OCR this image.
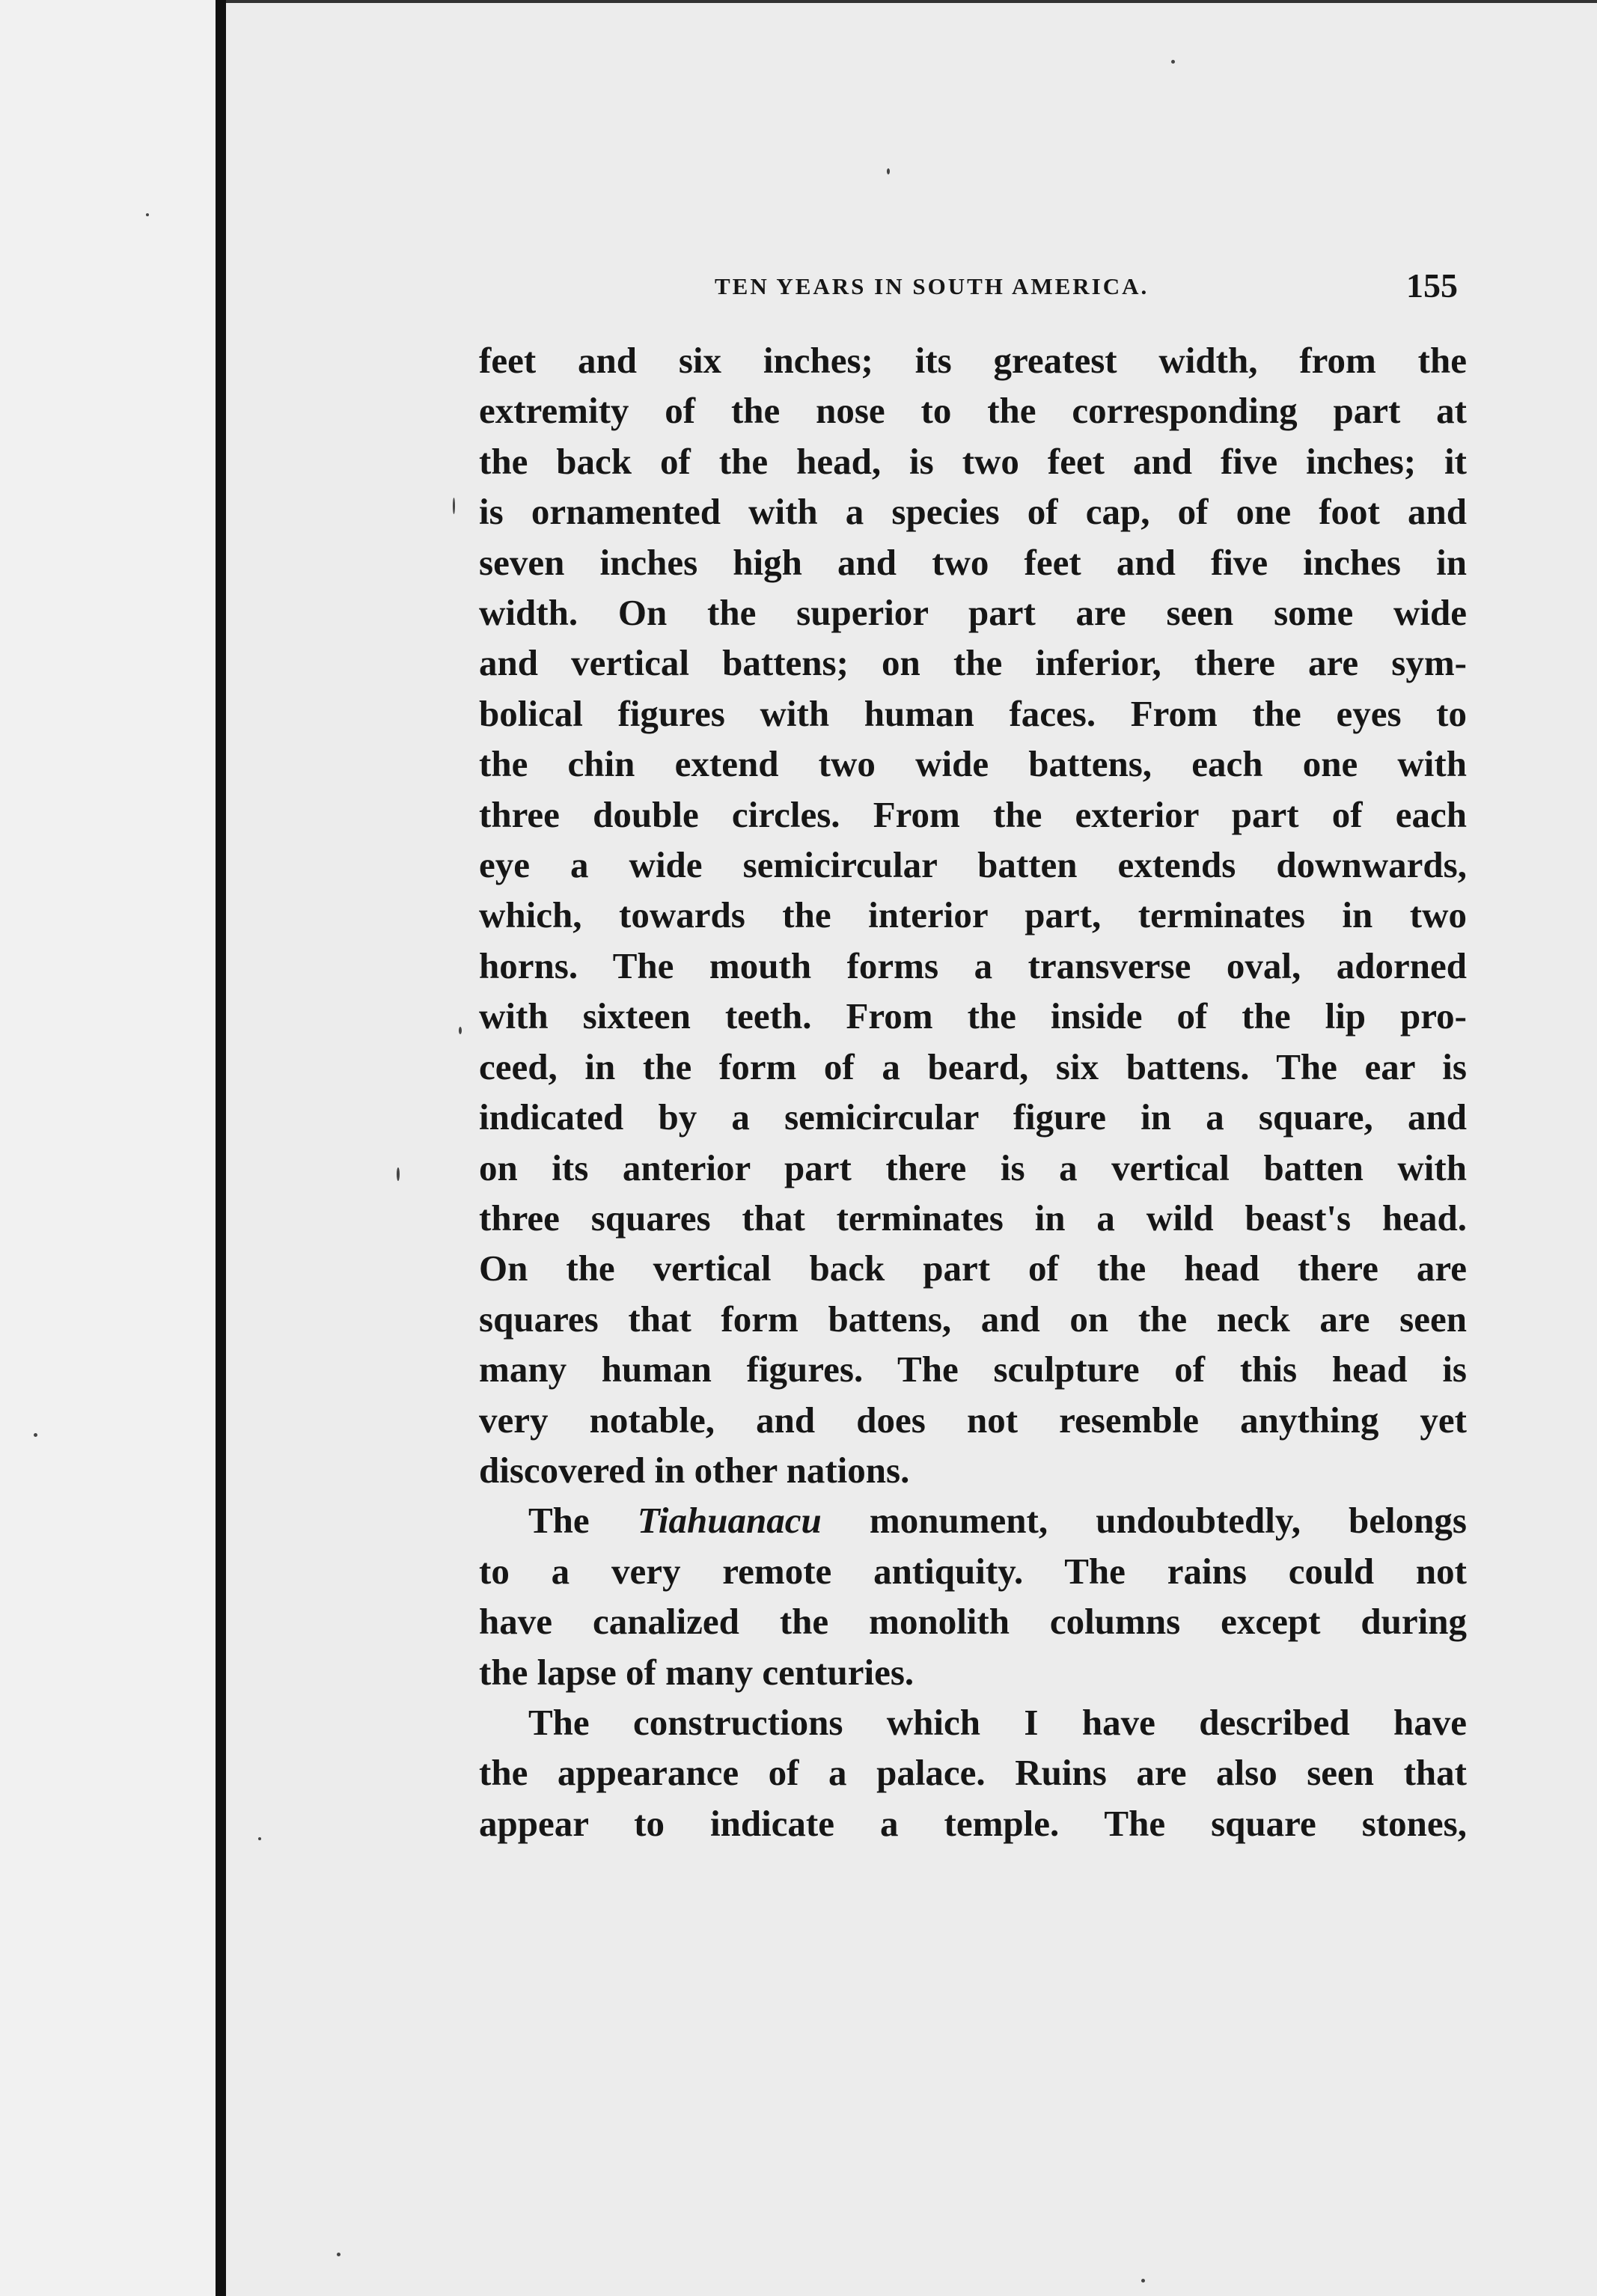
TEN YEARS IN SOUTH AMERICA.	155
feet and six inches; its greatest width, from the
extremity of the nose to the corresponding part at
the back of the head, is two feet and five inches; it
is ornamented with a species of cap, of one foot and
seven inches high and two feet and five inches in
width. On the superior part are seen some wide
and vertical battens; on the inferior, there are sym-
bolical figures with human faces. From the eyes to
the chin extend two wide battens, each one with
three double circles. From the exterior part of each
eye a wide semicircular batten extends downwards,
which, towards the interior part, terminates in two
horns. The mouth forms a transverse oval, adorned
with sixteen teeth. From the inside of the lip pro-
ceed, in the form of a beard, six battens. The ear is
indicated by a semicircular figure in a square, and
on its anterior part there is a vertical batten with
three squares that terminates in a wild beast's head.
On the vertical back part of the head there are
squares that form battens, and on the neck are seen
many human figures. The sculpture of this head is
very notable, and does not resemble anything yet
discovered in other nations.
The Tiahuanacu monument, undoubtedly, belongs
to a very remote antiquity. The rains could not
have canalized the monolith columns except during
the lapse of many centuries.
The constructions which I have described have
the appearance of a palace. Ruins are also seen that
appear to indicate a temple. The square stones,
